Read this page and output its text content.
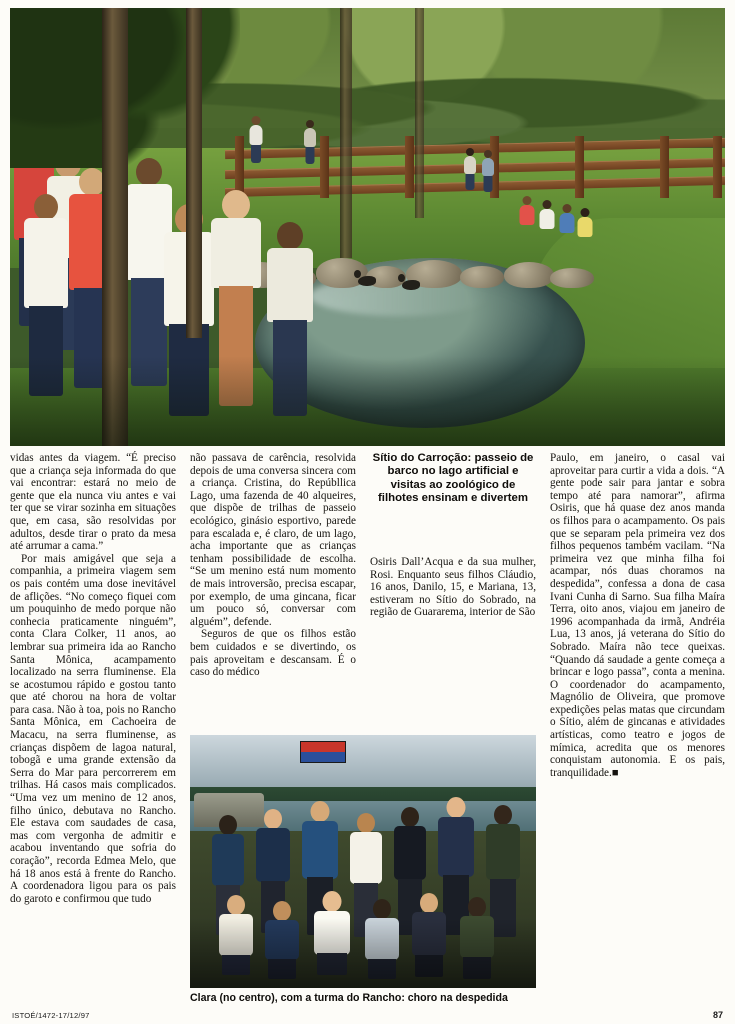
vidas antes da viagem. “É preciso que a criança seja informada do que vai encontrar: estará no meio de gente que ela nunca viu antes e vai ter que se virar sozinha em situações que, em casa, são resolvidas por adultos, desde tirar o prato da mesa até arrumar a cama.”

Por mais amigável que seja a companhia, a primeira viagem sem os pais contém uma dose inevitável de aflições. “No começo fiquei com um pouquinho de medo porque não conhecia praticamente ninguém”, conta Clara Colker, 11 anos, ao lembrar sua primeira ida ao Rancho Santa Mônica, acampamento localizado na serra fluminense. Ela se acostumou rápido e gostou tanto que até chorou na hora de voltar para casa. Não à toa, pois no Rancho Santa Mônica, em Cachoeira de Macacu, na serra fluminense, as crianças dispõem de lagoa natural, tobogã e uma grande extensão da Serra do Mar para percorrerem em trilhas. Há casos mais complicados. “Uma vez um menino de 12 anos, filho único, debutava no Rancho. Ele estava com saudades de casa, mas com vergonha de admitir e acabou inventando que sofria do coração”, recorda Edmea Melo, que há 18 anos está à frente do Rancho. A coordenadora ligou para os pais do garoto e confirmou que tudo

não passava de carência, resolvida depois de uma conversa sincera com a criança. Cristina, do Repúbllica Lago, uma fazenda de 40 alqueires, que dispõe de trilhas de passeio ecológico, ginásio esportivo, parede para escalada e, é claro, de um lago, acha importante que as crianças tenham possibilidade de escolha. “Se um menino está num momento de mais introversão, precisa escapar, por exemplo, de uma gincana, ficar um pouco só, conversar com alguém”, defende.

Seguros de que os filhos estão bem cuidados e se divertindo, os pais aproveitam e descansam. É o caso do médico

Sítio do Carroção: passeio de barco no lago artificial e visitas ao zoológico de filhotes ensinam e divertem

Osiris Dall’Acqua e da sua mulher, Rosi. Enquanto seus filhos Cláudio, 16 anos, Danilo, 15, e Mariana, 13, estiveram no Sítio do Sobrado, na região de Guararema, interior de São

Paulo, em janeiro, o casal vai aproveitar para curtir a vida a dois. “A gente pode sair para jantar e sobra tempo até para namorar”, afirma Osiris, que há quase dez anos manda os filhos para o acampamento. Os pais que se separam pela primeira vez dos filhos pequenos também vacilam. “Na primeira vez que minha filha foi acampar, nós duas choramos na despedida”, confessa a dona de casa Ivani Cunha di Sarno. Sua filha Maíra Terra, oito anos, viajou em janeiro de 1996 acompanhada da irmã, Andréia Lua, 13 anos, já veterana do Sítio do Sobrado. Maíra não tece queixas. “Quando dá saudade a gente começa a brincar e logo passa”, conta a menina. O coordenador do acampamento, Magnólio de Oliveira, que promove expedições pelas matas que circundam o Sítio, além de gincanas e atividades artísticas, como teatro e jogos de mímica, acredita que os menores conquistam autonomia. E os pais, tranquilidade.■

Clara (no centro), com a turma do Rancho: choro na despedida
ISTOÉ/1472-17/12/97	87
